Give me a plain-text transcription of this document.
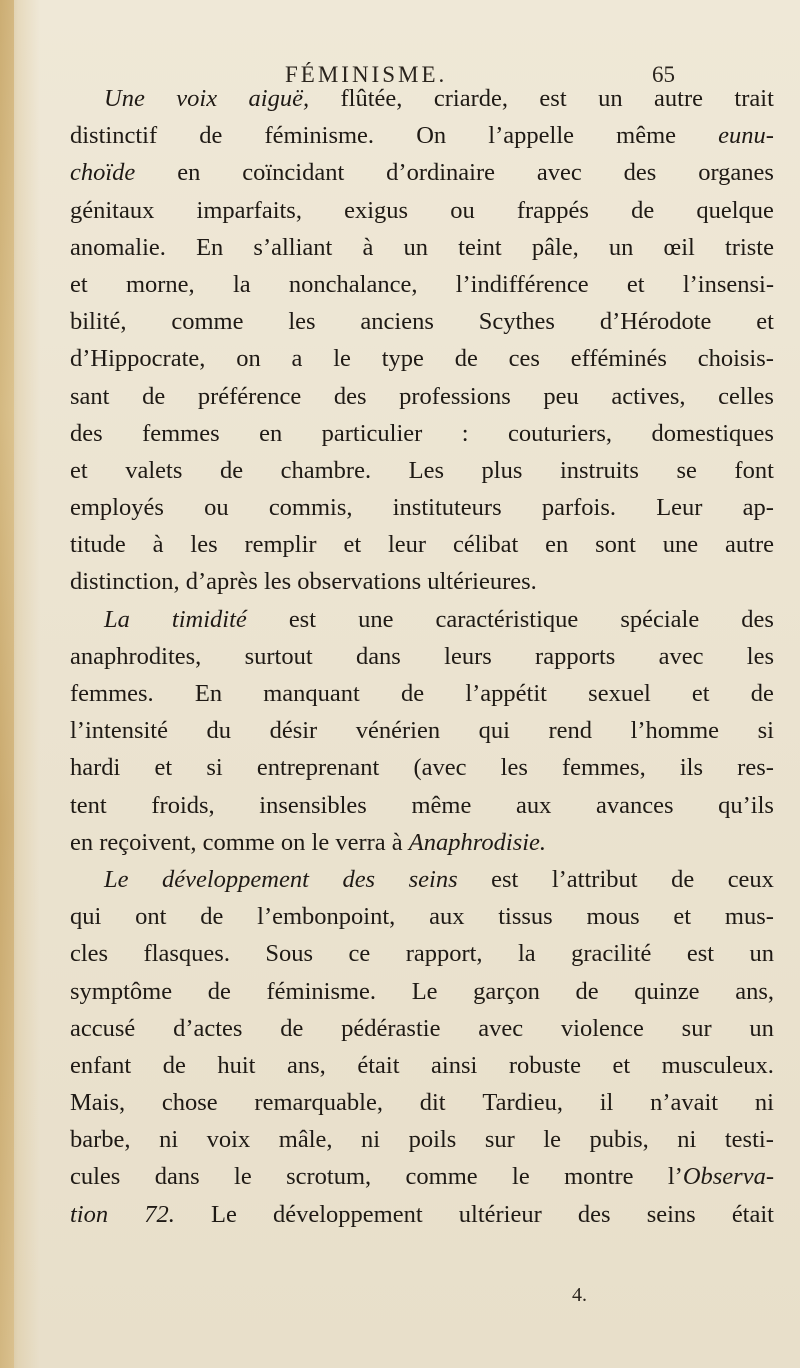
FÉMINISME.	65
Une voix aiguë, flûtée, criarde, est un autre trait
distinctif de féminisme. On l’appelle même eunu-
choïde en coïncidant d’ordinaire avec des organes
génitaux imparfaits, exigus ou frappés de quelque
anomalie. En s’alliant à un teint pâle, un œil triste
et morne, la nonchalance, l’indifférence et l’insensi-
bilité, comme les anciens Scythes d’Hérodote et
d’Hippocrate, on a le type de ces efféminés choisis-
sant de préférence des professions peu actives, celles
des femmes en particulier : couturiers, domestiques
et valets de chambre. Les plus instruits se font
employés ou commis, instituteurs parfois. Leur ap-
titude à les remplir et leur célibat en sont une autre
distinction,
d’après
les
observations
ultérieures.
La timidité est une caractéristique spéciale des
anaphrodites, surtout dans leurs rapports avec les
femmes. En manquant de l’appétit sexuel et de
l’intensité du désir vénérien qui rend l’homme si
hardi et si entreprenant (avec les femmes, ils res-
tent froids, insensibles même aux avances qu’ils
en
reçoivent,
comme
on
le
verra
à
Anaphrodisie.
Le développement des seins est l’attribut de ceux
qui ont de l’embonpoint, aux tissus mous et mus-
cles flasques. Sous ce rapport, la gracilité est un
symptôme de féminisme. Le garçon de quinze ans,
accusé d’actes de pédérastie avec violence sur un
enfant de huit ans, était ainsi robuste et musculeux.
Mais, chose remarquable, dit Tardieu, il n’avait ni
barbe, ni voix mâle, ni poils sur le pubis, ni testi-
cules dans le scrotum, comme le montre l’Observa-
tion 72. Le développement ultérieur des seins était
4.
